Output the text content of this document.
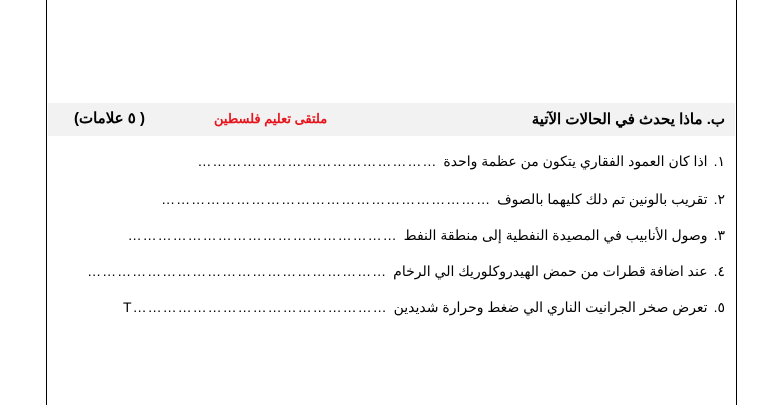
ب. ماذا يحدث في الحالات الآتية
ملتقى تعليم فلسطين
( ٥ علامات)
١.
اذا كان العمود الفقاري يتكون من عظمة واحدة
…………………………………………
٢.
تقريب بالونين تم دلك كليهما بالصوف
…………………………………………………………
٣.
وصول الأنابيب في المصيدة النفطية إلى منطقة النفط
………………………………………………
٤.
عند اضافة قطرات من حمض الهيدروكلوريك الي الرخام
……………………………………………………
٥.
تعرض صخر الجرانيت الناري الي ضغط وحرارة شديدين
……………………………………………T
